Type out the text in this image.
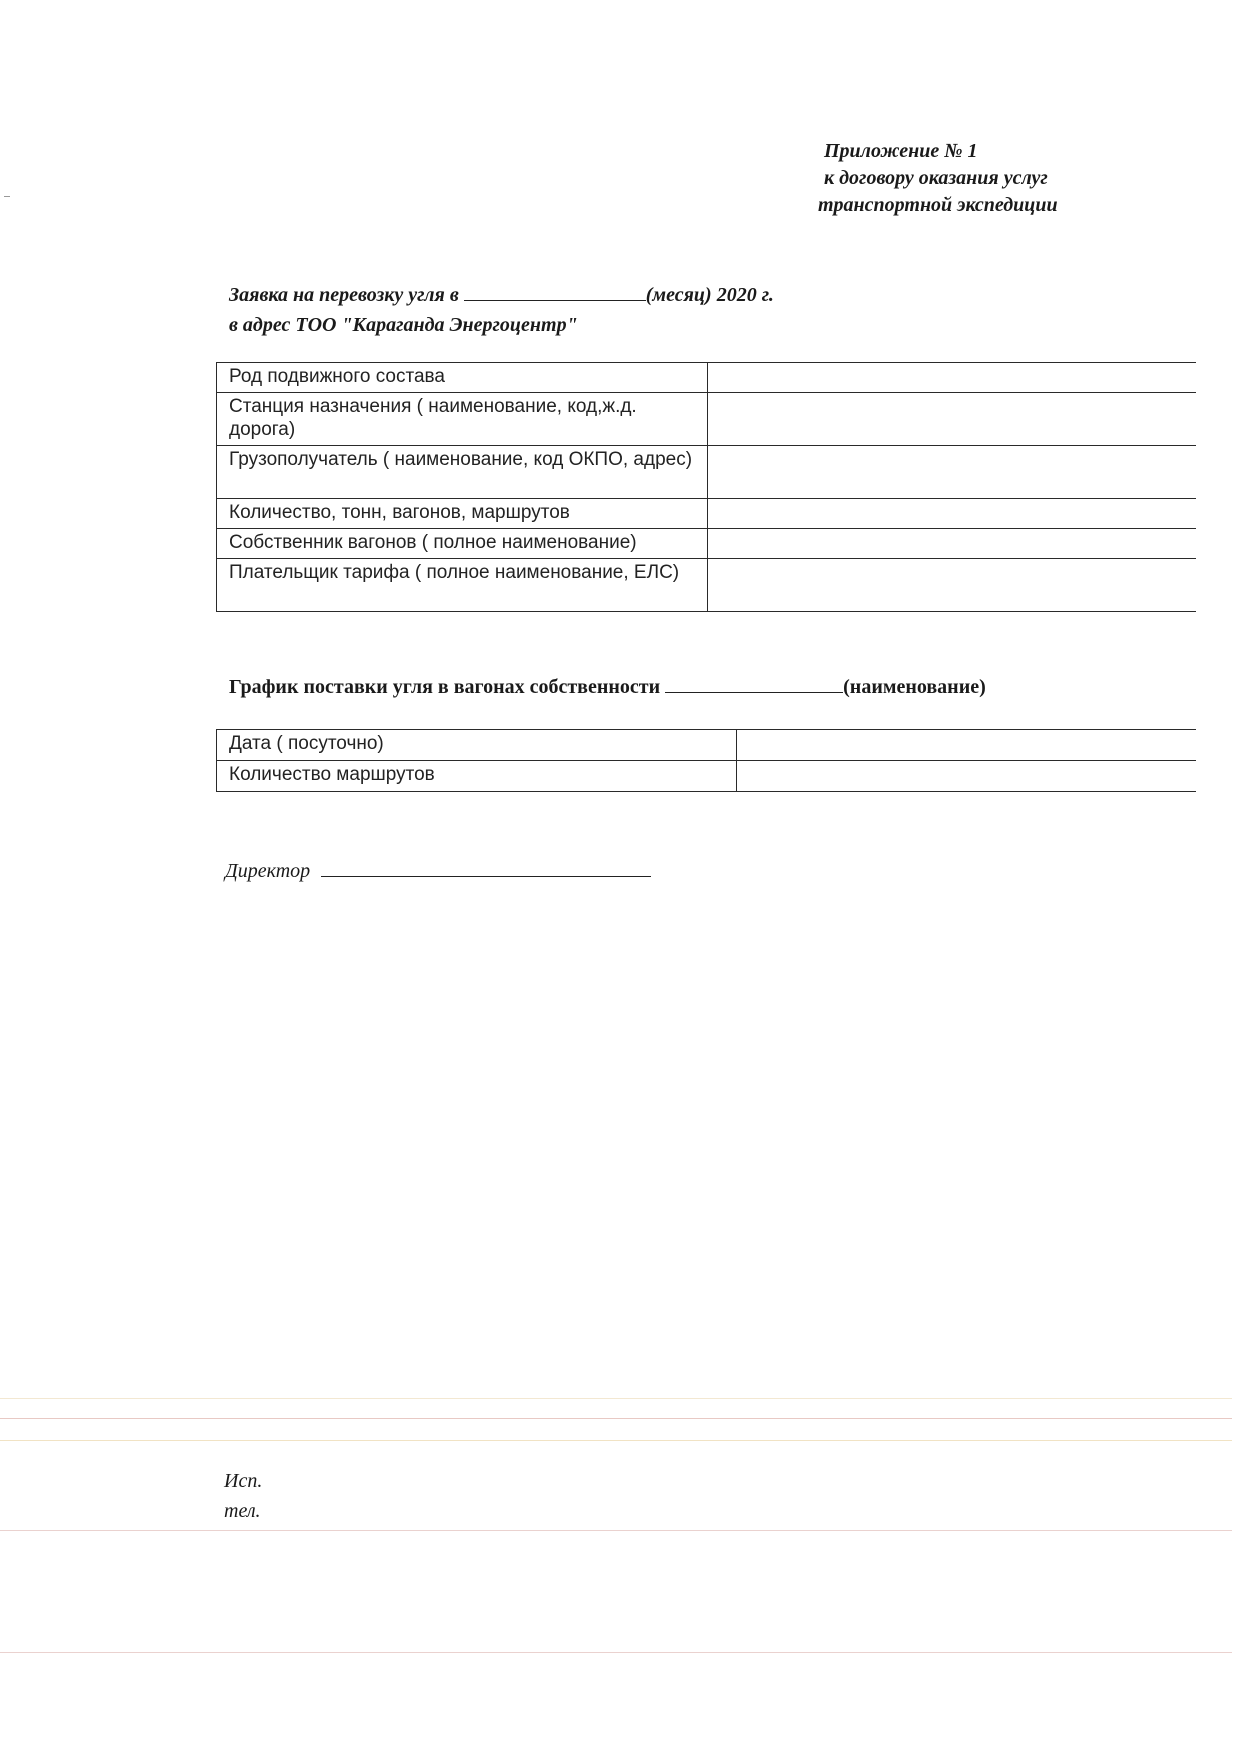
Приложение № 1
к договору оказания услуг
транспортной экспедиции
Заявка на перевозку угля в	(месяц) 2020 г.
в адрес ТОО "Караганда Энергоцентр"
Род подвижного состава	
Станция назначения ( наименование, код,ж.д. дорога)	
Грузополучатель ( наименование, код ОКПО, адрес)	
Количество, тонн, вагонов, маршрутов	
Собственник вагонов ( полное наименование)	
Плательщик тарифа ( полное наименование, ЕЛС)	
График поставки угля в вагонах собственности	(наименование)
Дата ( посуточно)	
Количество маршрутов	
Директор
Исп.
тел.
